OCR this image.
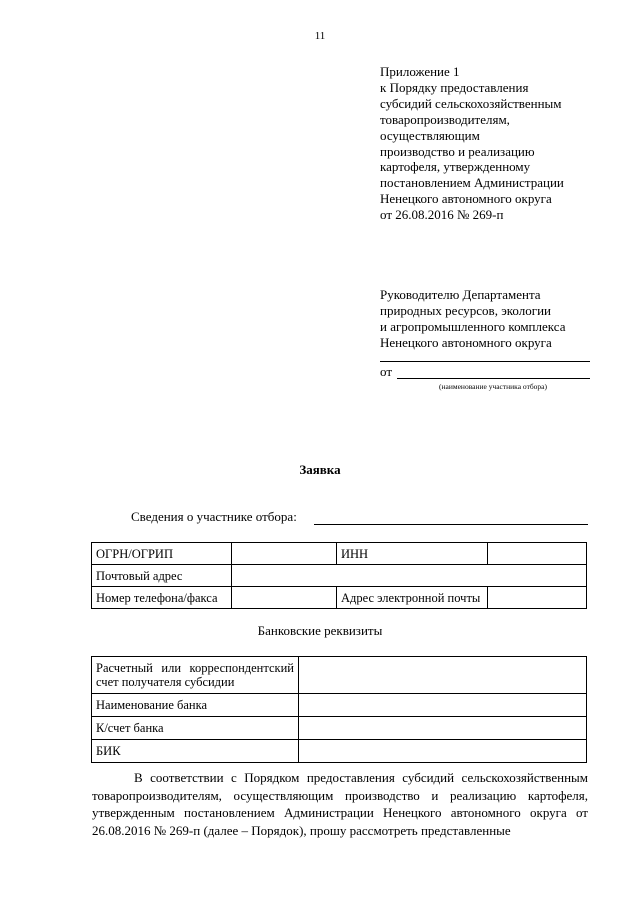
11
Приложение 1
к Порядку предоставления
субсидий сельскохозяйственным
товаропроизводителям,
осуществляющим
производство и реализацию
картофеля, утвержденному
постановлением Администрации
Ненецкого автономного округа
от 26.08.2016 № 269-п
Руководителю Департамента
природных ресурсов, экологии
и агропромышленного комплекса
Ненецкого автономного округа
от
(наименование участника отбора)
Заявка
Сведения о участнике отбора:
ОГРН/ОГРИП		ИНН	
Почтовый адрес			
Номер телефона/факса		Адрес электронной почты	
Банковские реквизиты
Расчетный или корреспондентский счет получателя субсидии	
Наименование банка	
К/счет банка	
БИК	
В соответствии с Порядком предоставления субсидий сельскохозяйственным товаропроизводителям, осуществляющим производство и реализацию картофеля, утвержденным постановлением Администрации Ненецкого автономного округа от 26.08.2016 № 269-п (далее – Порядок), прошу рассмотреть представленные
